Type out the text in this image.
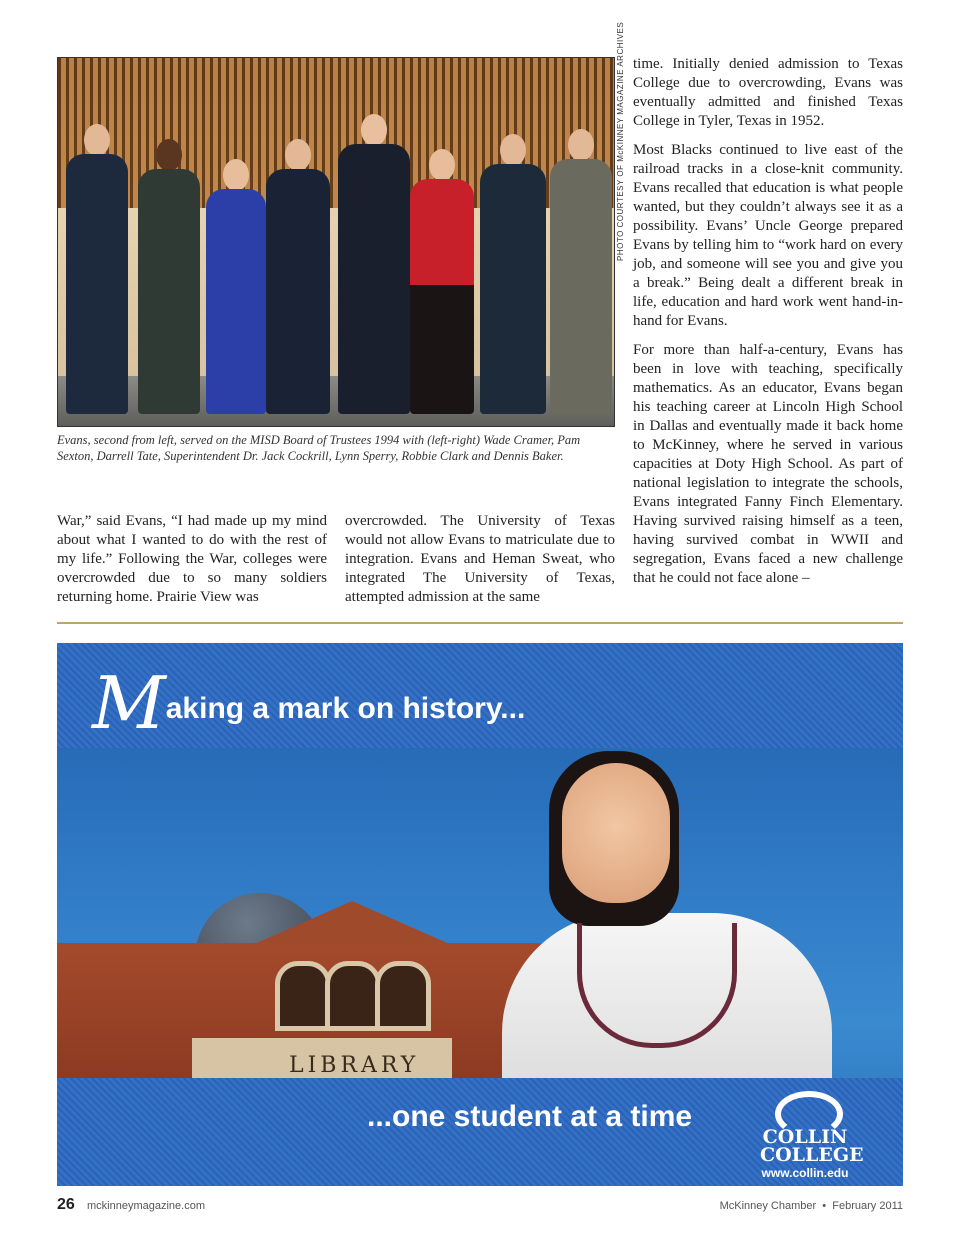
PHOTO COURTESY OF McKINNEY MAGAZINE ARCHIVES
Evans, second from left, served on the MISD Board of Trustees 1994 with (left-right) Wade Cramer, Pam Sexton, Darrell Tate, Superintendent Dr. Jack Cockrill, Lynn Sperry, Robbie Clark and Dennis Baker.

War,” said Evans, “I had made up my mind about what I wanted to do with the rest of my life.” Following the War, colleges were overcrowded due to so many soldiers returning home. Prairie View was

overcrowded. The University of Texas would not allow Evans to matriculate due to integration. Evans and Heman Sweat, who integrated The University of Texas, attempted admission at the same

time. Initially denied admission to Texas College due to overcrowding, Evans was eventually admitted and finished Texas College in Tyler, Texas in 1952.

Most Blacks continued to live east of the railroad tracks in a close-knit community. Evans recalled that education is what people wanted, but they couldn’t always see it as a possibility. Evans’ Uncle George prepared Evans by telling him to “work hard on every job, and someone will see you and give you a break.” Being dealt a different break in life, education and hard work went hand-in-hand for Evans.

For more than half-a-century, Evans has been in love with teaching, specifically mathematics. As an educator, Evans began his teaching career at Lincoln High School in Dallas and eventually made it back home to McKinney, where he served in various capacities at Doty High School. As part of national legislation to integrate the schools, Evans integrated Fanny Finch Elementary. Having survived raising himself as a teen, having survived combat in WWII and segregation, Evans faced a new challenge that he could not face alone –

Making a mark on history...
LIBRARY
...one student at a time
COLLIN
COLLEGE
www.collin.edu
26 mckinneymagazine.com	McKinney Chamber • February 2011
